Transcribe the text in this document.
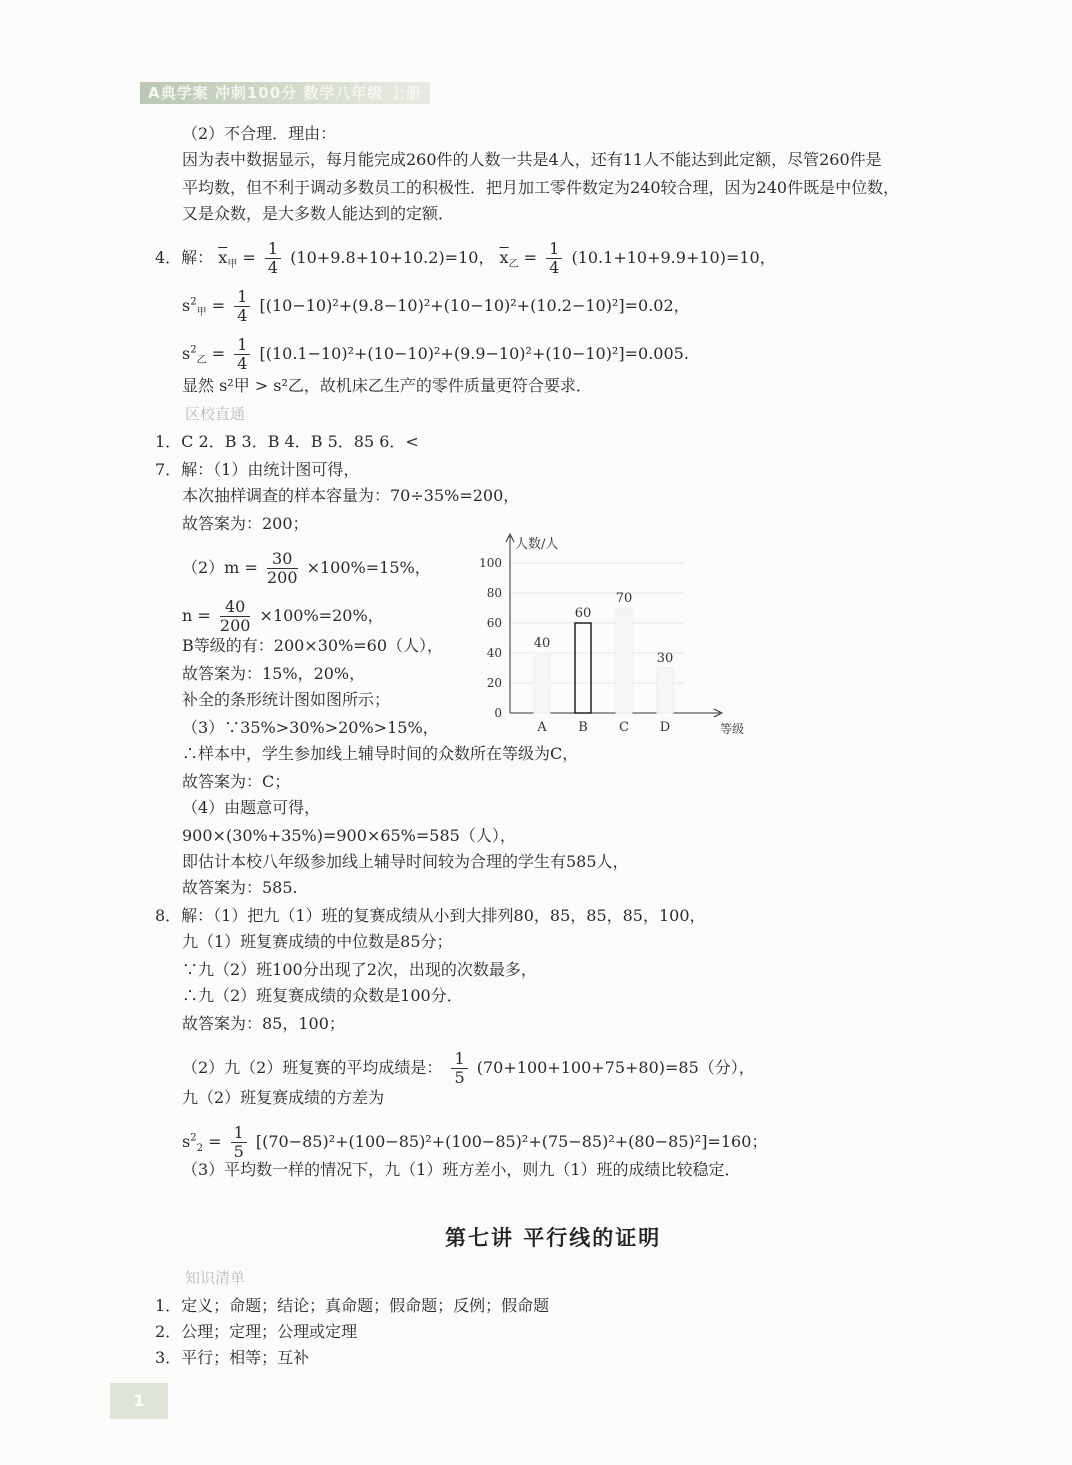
A典学案 冲刺100分 数学八年级 上册
（2）不合理．理由：
因为表中数据显示，每月能完成260件的人数一共是4人，还有11人不能达到此定额，尽管260件是
平均数，但不利于调动多数员工的积极性．把月加工零件数定为240较合理，因为240件既是中位数，
又是众数，是大多数人能达到的定额．
4．解： $\overline{x}_甲 = \frac{1}{4} (10+9.8+10+10.2)=10$， $\overline{x}_乙 = \frac{1}{4} (10.1+10+9.9+10)=10$，
$s^2_甲 = \frac{1}{4} [(10-10)^2+(9.8-10)^2+(10-10)^2+(10.2-10)^2]=0.02$，
$s^2_乙 = \frac{1}{4} [(10.1-10)^2+(10-10)^2+(9.9-10)^2+(10-10)^2]=0.005$.
显然 s²甲 > s²乙，故机床乙生产的零件质量更符合要求．
区校直通
1．C 2．B 3．B 4．B 5．85 6．<
7．解：（1）由统计图可得，
本次抽样调查的样本容量为：70÷35%=200，
故答案为：200；
$(2)m = \frac{30}{200} \times 100\%=15\%$，
$n = \frac{40}{200} \times 100\%=20\%$，
B等级的有：200×30%=60（人），
故答案为：15%，20%，
补全的条形统计图如图所示；
（3）∵35%>30%>20%>15%，
∴样本中，学生参加线上辅导时间的众数所在等级为C，
故答案为：C；
（4）由题意可得，
900×(30%+35%)=900×65%=585（人），
即估计本校八年级参加线上辅导时间较为合理的学生有585人，
故答案为：585.
0
20
40
60
80
100
人数/人
等级
A
40
B
60
C
70
D
30
8．解：（1）把九（1）班的复赛成绩从小到大排列80，85，85，85，100，
九（1）班复赛成绩的中位数是85分；
∵九（2）班100分出现了2次，出现的次数最多，
∴九（2）班复赛成绩的众数是100分．
故答案为：85，100；
（2）九（2）班复赛的平均成绩是： $\frac{1}{5} (70+100+100+75+80)=85$（分），
九（2）班复赛成绩的方差为
$s^2_2 = \frac{1}{5} [(70-85)^2+(100-85)^2+(100-85)^2+(75-85)^2+(80-85)^2]=160$；
（3）平均数一样的情况下，九（1）班方差小，则九（1）班的成绩比较稳定．
第七讲 平行线的证明
知识清单
1．定义；命题；结论；真命题；假命题；反例；假命题
2．公理；定理；公理或定理
3．平行；相等；互补
1
